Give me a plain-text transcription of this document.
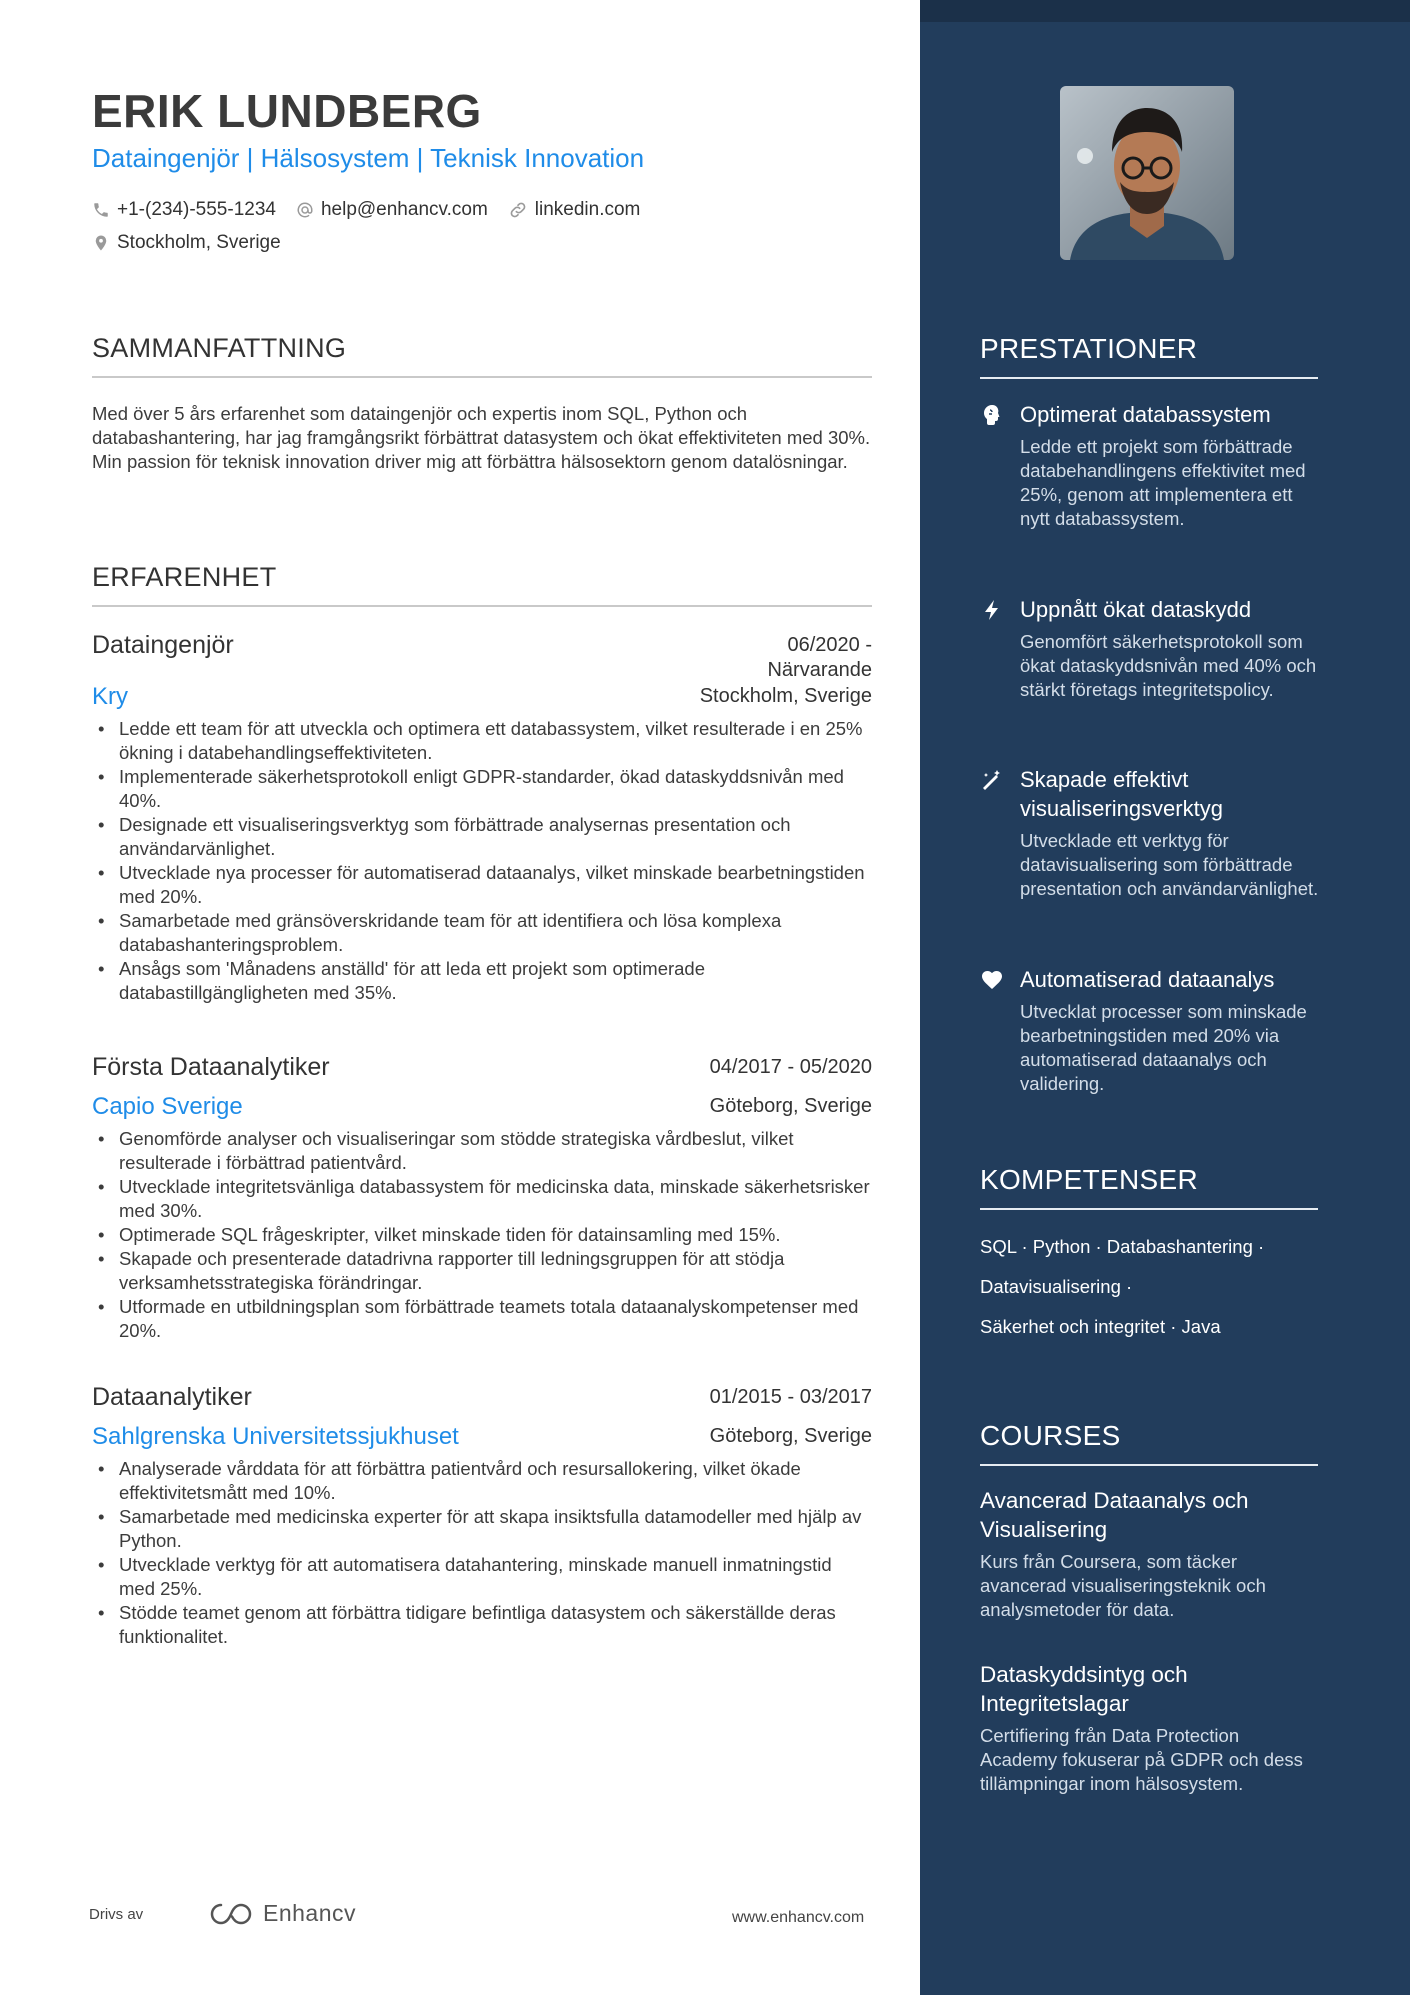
ERIK LUNDBERG
Dataingenjör | Hälsosystem | Teknisk Innovation
+1-(234)-555-1234 help@enhancv.com linkedin.com
Stockholm, Sverige
SAMMANFATTNING
Med över 5 års erfarenhet som dataingenjör och expertis inom SQL, Python och databashantering, har jag framgångsrikt förbättrat datasystem och ökat effektiviteten med 30%. Min passion för teknisk innovation driver mig att förbättra hälsosektorn genom datalösningar.
ERFARENHET
Dataingenjör	06/2020 - Närvarande
Kry	Stockholm, Sverige
• Ledde ett team för att utveckla och optimera ett databassystem, vilket resulterade i en 25% ökning i databehandlingseffektiviteten.
• Implementerade säkerhetsprotokoll enligt GDPR-standarder, ökad dataskyddsnivån med 40%.
• Designade ett visualiseringsverktyg som förbättrade analysernas presentation och användarvänlighet.
• Utvecklade nya processer för automatiserad dataanalys, vilket minskade bearbetningstiden med 20%.
• Samarbetade med gränsöverskridande team för att identifiera och lösa komplexa databashanteringsproblem.
• Ansågs som 'Månadens anställd' för att leda ett projekt som optimerade databastillgängligheten med 35%.
Första Dataanalytiker	04/2017 - 05/2020
Capio Sverige	Göteborg, Sverige
• Genomförde analyser och visualiseringar som stödde strategiska vårdbeslut, vilket resulterade i förbättrad patientvård.
• Utvecklade integritetsvänliga databassystem för medicinska data, minskade säkerhetsrisker med 30%.
• Optimerade SQL frågeskripter, vilket minskade tiden för datainsamling med 15%.
• Skapade och presenterade datadrivna rapporter till ledningsgruppen för att stödja verksamhetsstrategiska förändringar.
• Utformade en utbildningsplan som förbättrade teamets totala dataanalyskompetenser med 20%.
Dataanalytiker	01/2015 - 03/2017
Sahlgrenska Universitetssjukhuset	Göteborg, Sverige
• Analyserade vårddata för att förbättra patientvård och resursallokering, vilket ökade effektivitetsmått med 10%.
• Samarbetade med medicinska experter för att skapa insiktsfulla datamodeller med hjälp av Python.
• Utvecklade verktyg för att automatisera datahantering, minskade manuell inmatningstid med 25%.
• Stödde teamet genom att förbättra tidigare befintliga datasystem och säkerställde deras funktionalitet.
Drivs av	Enhancv	www.enhancv.com
PRESTATIONER
Optimerat databassystem
Ledde ett projekt som förbättrade databehandlingens effektivitet med 25%, genom att implementera ett nytt databassystem.
Uppnått ökat dataskydd
Genomfört säkerhetsprotokoll som ökat dataskyddsnivån med 40% och stärkt företags integritetspolicy.
Skapade effektivt visualiseringsverktyg
Utvecklade ett verktyg för datavisualisering som förbättrade presentation och användarvänlighet.
Automatiserad dataanalys
Utvecklat processer som minskade bearbetningstiden med 20% via automatiserad dataanalys och validering.
KOMPETENSER
SQL · Python · Databashantering ·
Datavisualisering ·
Säkerhet och integritet · Java
COURSES
Avancerad Dataanalys och Visualisering
Kurs från Coursera, som täcker avancerad visualiseringsteknik och analysmetoder för data.
Dataskyddsintyg och Integritetslagar
Certifiering från Data Protection Academy fokuserar på GDPR och dess tillämpningar inom hälsosystem.
